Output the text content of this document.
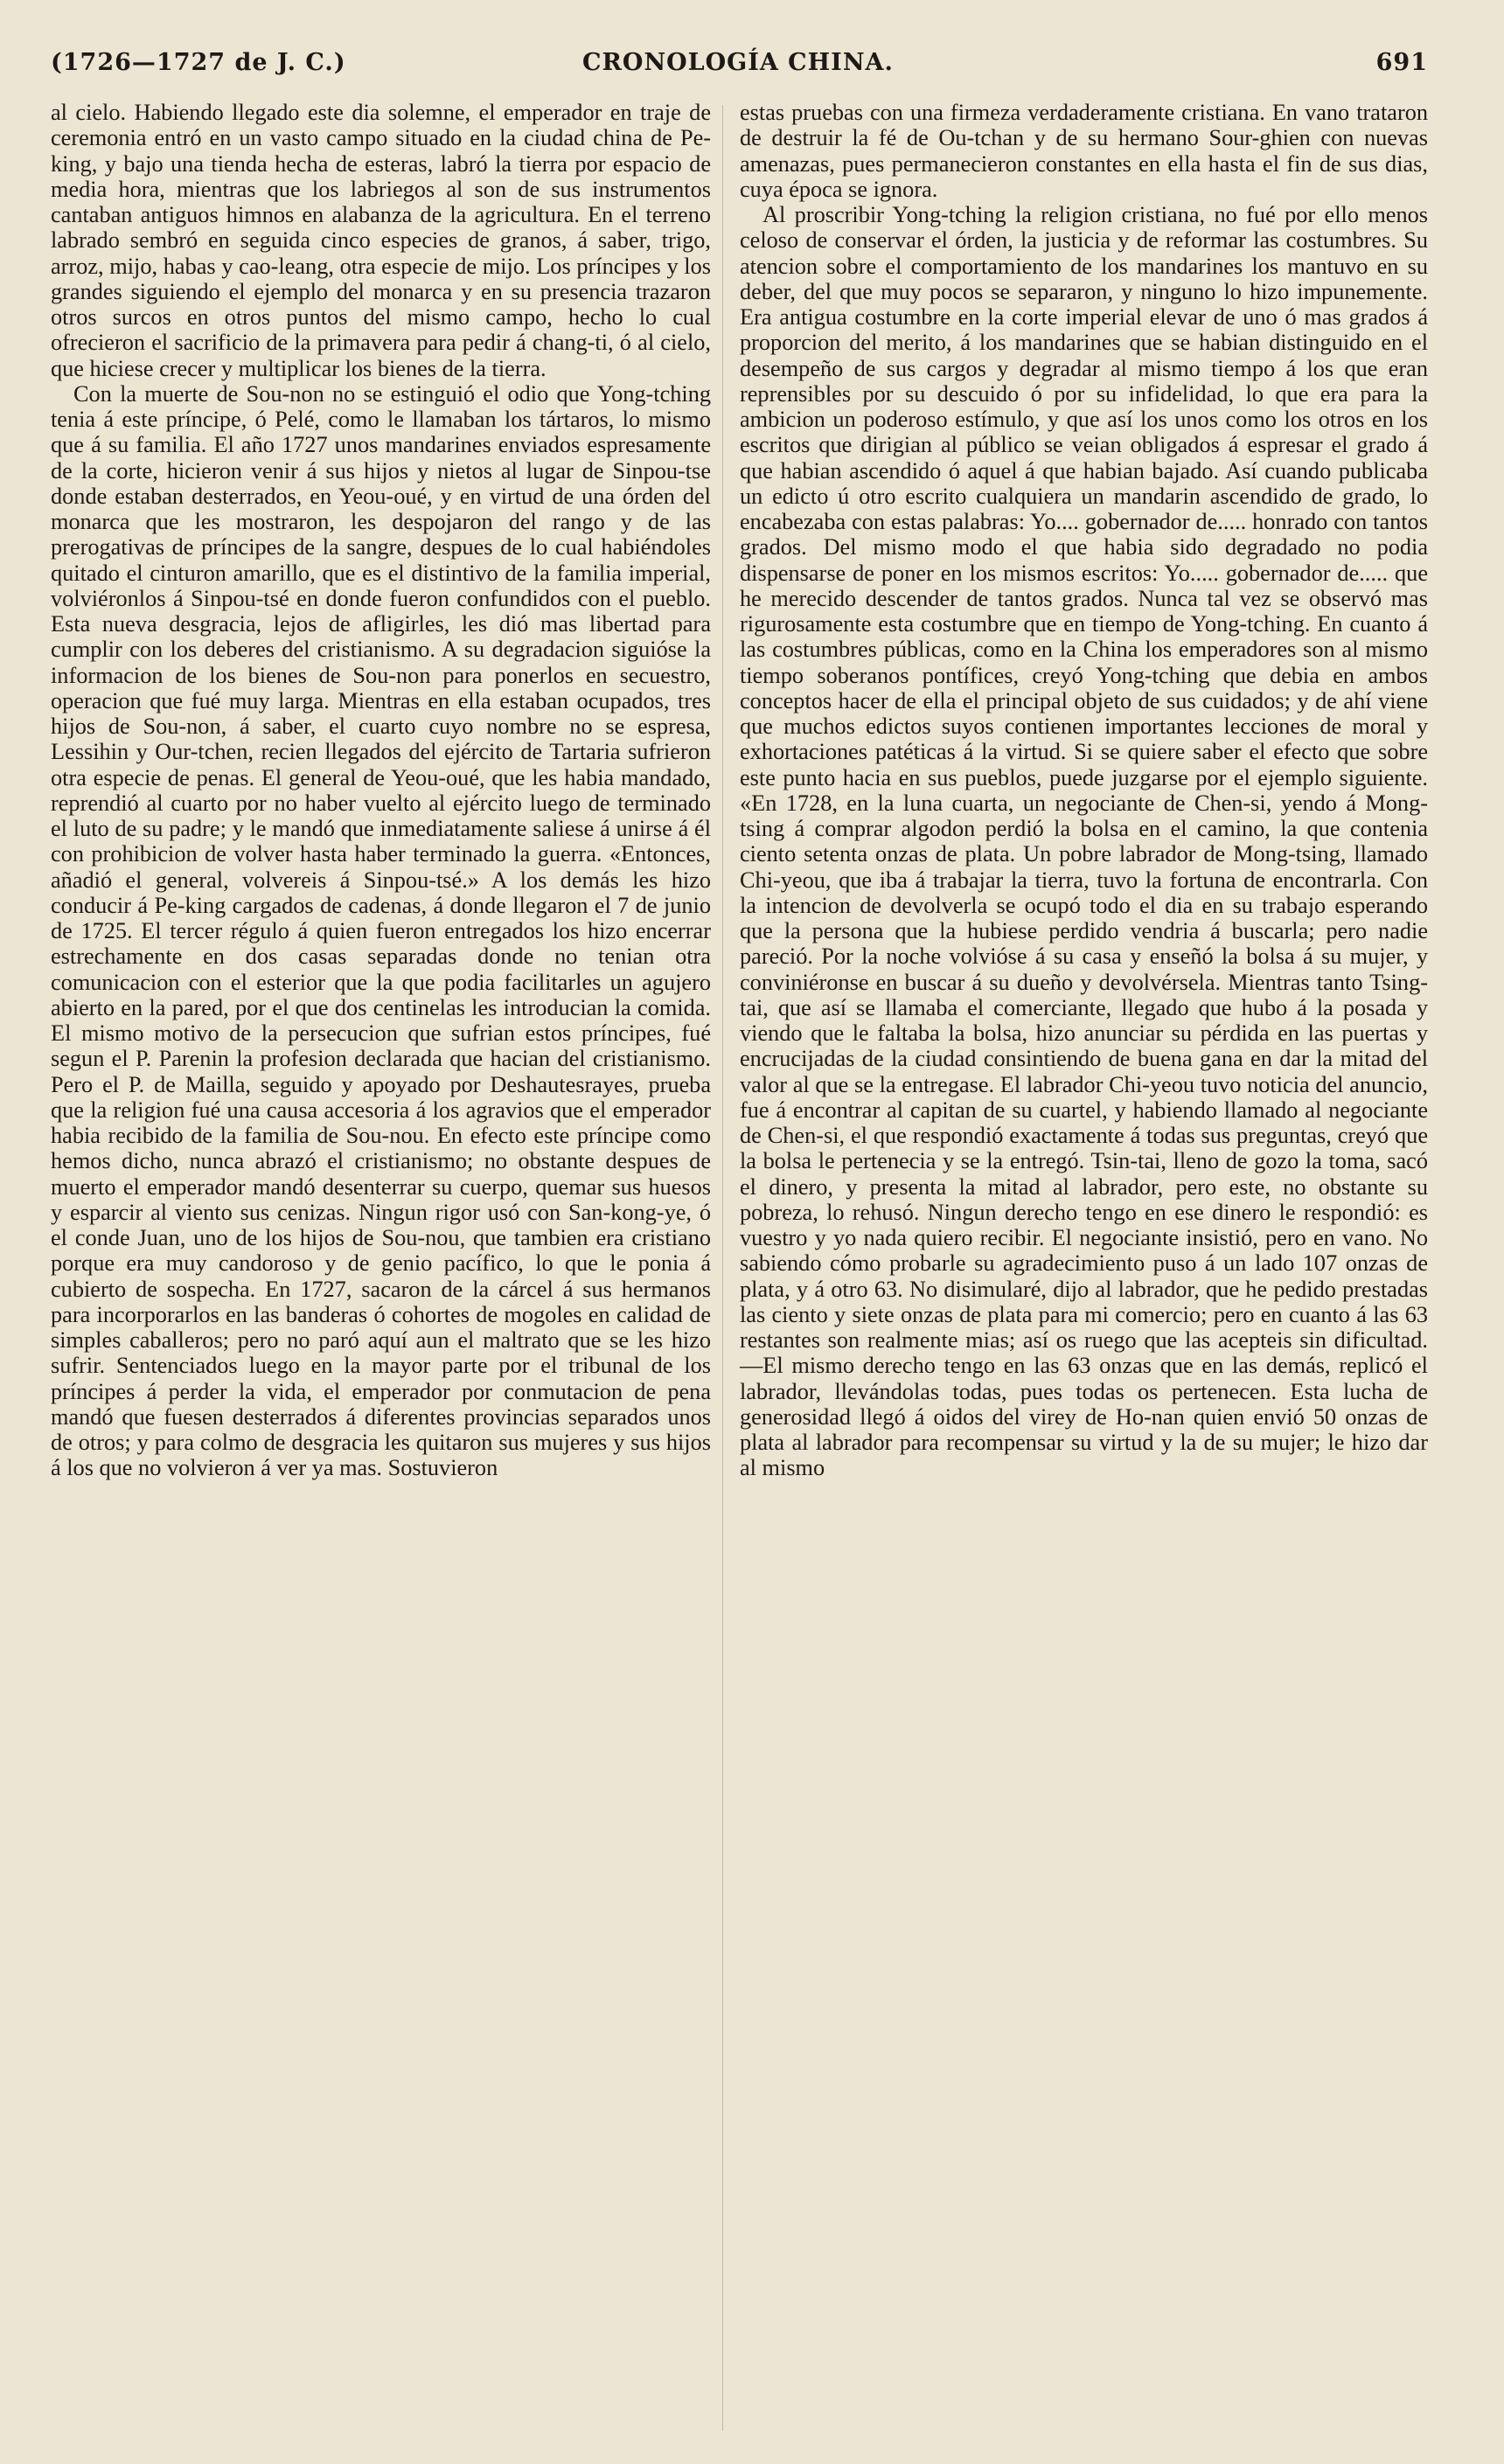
(1726—1727 de J. C.)	CRONOLOGÍA CHINA.	691

al cielo. Habiendo llegado este dia solemne, el emperador en traje de ceremonia entró en un vasto campo situado en la ciudad china de Pe-king, y bajo una tienda hecha de esteras, labró la tierra por espacio de media hora, mientras que los labriegos al son de sus instrumentos cantaban antiguos himnos en alabanza de la agricultura. En el terreno labrado sembró en seguida cinco especies de granos, á saber, trigo, arroz, mijo, habas y cao-leang, otra especie de mijo. Los príncipes y los grandes siguiendo el ejemplo del monarca y en su presencia trazaron otros surcos en otros puntos del mismo campo, hecho lo cual ofrecieron el sacrificio de la primavera para pedir á chang-ti, ó al cielo, que hiciese crecer y multiplicar los bienes de la tierra.

Con la muerte de Sou-non no se estinguió el odio que Yong-tching tenia á este príncipe, ó Pelé, como le llamaban los tártaros, lo mismo que á su familia. El año 1727 unos mandarines enviados espresamente de la corte, hicieron venir á sus hijos y nietos al lugar de Sinpou-tse donde estaban desterrados, en Yeou-oué, y en virtud de una órden del monarca que les mostraron, les despojaron del rango y de las prerogativas de príncipes de la sangre, despues de lo cual habiéndoles quitado el cinturon amarillo, que es el distintivo de la familia imperial, volviéronlos á Sinpou-tsé en donde fueron confundidos con el pueblo. Esta nueva desgracia, lejos de afligirles, les dió mas libertad para cumplir con los deberes del cristianismo. A su degradacion siguióse la informacion de los bienes de Sou-non para ponerlos en secuestro, operacion que fué muy larga. Mientras en ella estaban ocupados, tres hijos de Sou-non, á saber, el cuarto cuyo nombre no se espresa, Lessihin y Our-tchen, recien llegados del ejército de Tartaria sufrieron otra especie de penas. El general de Yeou-oué, que les habia mandado, reprendió al cuarto por no haber vuelto al ejército luego de terminado el luto de su padre; y le mandó que inmediatamente saliese á unirse á él con prohibicion de volver hasta haber terminado la guerra. «Entonces, añadió el general, volvereis á Sinpou-tsé.» A los demás les hizo conducir á Pe-king cargados de cadenas, á donde llegaron el 7 de junio de 1725. El tercer régulo á quien fueron entregados los hizo encerrar estrechamente en dos casas separadas donde no tenian otra comunicacion con el esterior que la que podia facilitarles un agujero abierto en la pared, por el que dos centinelas les introducian la comida. El mismo motivo de la persecucion que sufrian estos príncipes, fué segun el P. Parenin la profesion declarada que hacian del cristianismo. Pero el P. de Mailla, seguido y apoyado por Deshautesrayes, prueba que la religion fué una causa accesoria á los agravios que el emperador habia recibido de la familia de Sou-nou. En efecto este príncipe como hemos dicho, nunca abrazó el cristianismo; no obstante despues de muerto el emperador mandó desenterrar su cuerpo, quemar sus huesos y esparcir al viento sus cenizas. Ningun rigor usó con San-kong-ye, ó el conde Juan, uno de los hijos de Sou-nou, que tambien era cristiano porque era muy candoroso y de genio pacífico, lo que le ponia á cubierto de sospecha. En 1727, sacaron de la cárcel á sus hermanos para incorporarlos en las banderas ó cohortes de mogoles en calidad de simples caballeros; pero no paró aquí aun el maltrato que se les hizo sufrir. Sentenciados luego en la mayor parte por el tribunal de los príncipes á perder la vida, el emperador por conmutacion de pena mandó que fuesen desterrados á diferentes provincias separados unos de otros; y para colmo de desgracia les quitaron sus mujeres y sus hijos á los que no volvieron á ver ya mas. Sostuvieron

estas pruebas con una firmeza verdaderamente cristiana. En vano trataron de destruir la fé de Ou-tchan y de su hermano Sour-ghien con nuevas amenazas, pues permanecieron constantes en ella hasta el fin de sus dias, cuya época se ignora.

Al proscribir Yong-tching la religion cristiana, no fué por ello menos celoso de conservar el órden, la justicia y de reformar las costumbres. Su atencion sobre el comportamiento de los mandarines los mantuvo en su deber, del que muy pocos se separaron, y ninguno lo hizo impunemente. Era antigua costumbre en la corte imperial elevar de uno ó mas grados á proporcion del merito, á los mandarines que se habian distinguido en el desempeño de sus cargos y degradar al mismo tiempo á los que eran reprensibles por su descuido ó por su infidelidad, lo que era para la ambicion un poderoso estímulo, y que así los unos como los otros en los escritos que dirigian al público se veian obligados á espresar el grado á que habian ascendido ó aquel á que habian bajado. Así cuando publicaba un edicto ú otro escrito cualquiera un mandarin ascendido de grado, lo encabezaba con estas palabras: Yo.... gobernador de..... honrado con tantos grados. Del mismo modo el que habia sido degradado no podia dispensarse de poner en los mismos escritos: Yo..... gobernador de..... que he merecido descender de tantos grados. Nunca tal vez se observó mas rigurosamente esta costumbre que en tiempo de Yong-tching. En cuanto á las costumbres públicas, como en la China los emperadores son al mismo tiempo soberanos pontífices, creyó Yong-tching que debia en ambos conceptos hacer de ella el principal objeto de sus cuidados; y de ahí viene que muchos edictos suyos contienen importantes lecciones de moral y exhortaciones patéticas á la virtud. Si se quiere saber el efecto que sobre este punto hacia en sus pueblos, puede juzgarse por el ejemplo siguiente. «En 1728, en la luna cuarta, un negociante de Chen-si, yendo á Mong-tsing á comprar algodon perdió la bolsa en el camino, la que contenia ciento setenta onzas de plata. Un pobre labrador de Mong-tsing, llamado Chi-yeou, que iba á trabajar la tierra, tuvo la fortuna de encontrarla. Con la intencion de devolverla se ocupó todo el dia en su trabajo esperando que la persona que la hubiese perdido vendria á buscarla; pero nadie pareció. Por la noche volvióse á su casa y enseñó la bolsa á su mujer, y conviniéronse en buscar á su dueño y devolvérsela. Mientras tanto Tsing-tai, que así se llamaba el comerciante, llegado que hubo á la posada y viendo que le faltaba la bolsa, hizo anunciar su pérdida en las puertas y encrucijadas de la ciudad consintiendo de buena gana en dar la mitad del valor al que se la entregase. El labrador Chi-yeou tuvo noticia del anuncio, fue á encontrar al capitan de su cuartel, y habiendo llamado al negociante de Chen-si, el que respondió exactamente á todas sus preguntas, creyó que la bolsa le pertenecia y se la entregó. Tsin-tai, lleno de gozo la toma, sacó el dinero, y presenta la mitad al labrador, pero este, no obstante su pobreza, lo rehusó. Ningun derecho tengo en ese dinero le respondió: es vuestro y yo nada quiero recibir. El negociante insistió, pero en vano. No sabiendo cómo probarle su agradecimiento puso á un lado 107 onzas de plata, y á otro 63. No disimularé, dijo al labrador, que he pedido prestadas las ciento y siete onzas de plata para mi comercio; pero en cuanto á las 63 restantes son realmente mias; así os ruego que las acepteis sin dificultad.—El mismo derecho tengo en las 63 onzas que en las demás, replicó el labrador, llevándolas todas, pues todas os pertenecen. Esta lucha de generosidad llegó á oidos del virey de Ho-nan quien envió 50 onzas de plata al labrador para recompensar su virtud y la de su mujer; le hizo dar al mismo
